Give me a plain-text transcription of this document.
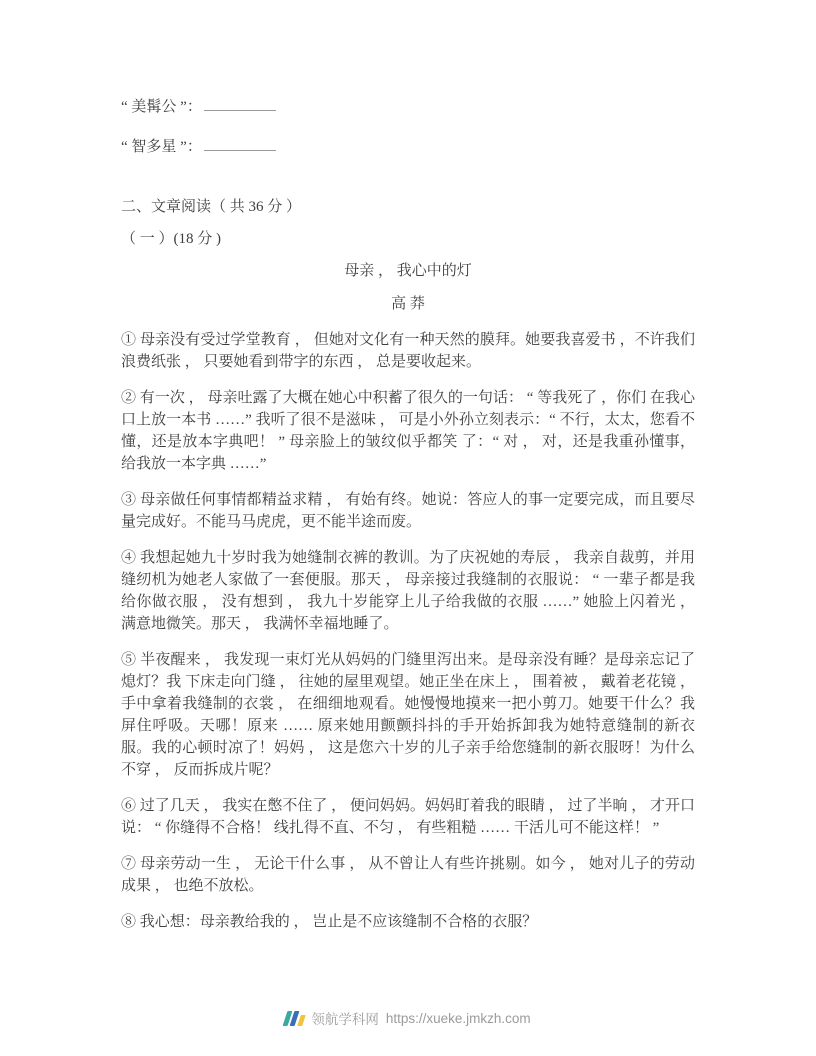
“ 美髯公 ”：
“ 智多星 ”：
二、文章阅读（ 共 36 分 ）
（ 一 ）(18 分 )
母亲 ， 我心中的灯
高 莽
① 母亲没有受过学堂教育 ， 但她对文化有一种天然的膜拜。她要我喜爱书 ，不许我们浪费纸张 ， 只要她看到带字的东西 ， 总是要收起来。
② 有一次 ， 母亲吐露了大概在她心中积蓄了很久的一句话： “ 等我死了 ，你们 在我心口上放一本书 ……” 我听了很不是滋味 ， 可是小外孙立刻表示：“ 不行，太太，您看不懂，还是放本字典吧！ ” 母亲脸上的皱纹似乎都笑 了：“ 对 ， 对，还是我重孙懂事，给我放一本字典 ……”
③ 母亲做任何事情都精益求精 ， 有始有终。她说：答应人的事一定要完成，而且要尽量完成好。不能马马虎虎，更不能半途而废。
④ 我想起她九十岁时我为她缝制衣裤的教训。为了庆祝她的寿辰 ， 我亲自裁剪，并用缝纫机为她老人家做了一套便服。那天 ， 母亲接过我缝制的衣服说： “ 一辈子都是我给你做衣服 ， 没有想到 ， 我九十岁能穿上儿子给我做的衣服 ……” 她脸上闪着光 ， 满意地微笑。那天 ， 我满怀幸福地睡了。
⑤ 半夜醒来 ， 我发现一束灯光从妈妈的门缝里泻出来。是母亲没有睡？是母亲忘记了熄灯？我 下床走向门缝 ， 往她的屋里观望。她正坐在床上 ， 围着被 ， 戴着老花镜 ， 手中拿着我缝制的衣裳 ， 在细细地观看。她慢慢地摸来一把小剪刀。她要干什么？我屏住呼吸。天哪！原来 …… 原来她用颤颤抖抖的手开始拆卸我为她特意缝制的新衣服。我的心顿时凉了！妈妈 ， 这是您六十岁的儿子亲手给您缝制的新衣服呀！为什么不穿 ， 反而拆成片呢？
⑥ 过了几天 ， 我实在憋不住了 ， 便问妈妈。妈妈盯着我的眼睛 ， 过了半晌 ， 才开口说： “ 你缝得不合格！ 线扎得不直、不匀 ， 有些粗糙 …… 干活儿可不能这样！ ”
⑦ 母亲劳动一生 ， 无论干什么事 ， 从不曾让人有些许挑剔。如今 ， 她对儿子的劳动成果 ， 也绝不放松。
⑧ 我心想：母亲教给我的 ， 岂止是不应该缝制不合格的衣服？
领航学科网 https://xueke.jmkzh.com
